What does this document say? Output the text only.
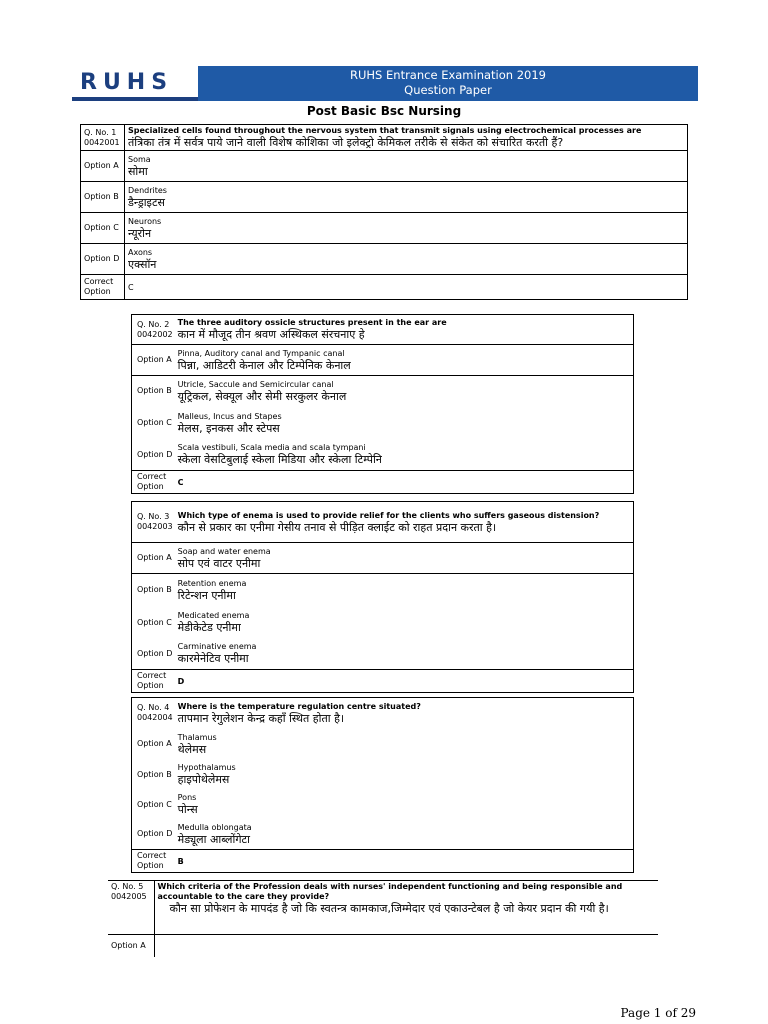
RUHS	RUHS Entrance Examination 2019
Question Paper
Post Basic Bsc Nursing
Q. No. 1
0042001	Specialized cells found throughout the nervous system that transmit signals using electrochemical processes are
तंत्रिका तंत्र में सर्वत्र पाये जाने वाली विशेष कोशिका जो इलेक्ट्रो केमिकल तरीके से संकेत को संचारित करती हैं?

Option A	Soma
सोमा

Option B	Dendrites
डैन्ड्राइटस

Option C	Neurons
न्यूरोन

Option D	Axons
एक्सॉन

Correct Option	C
Q. No. 2
0042002	The three auditory ossicle structures present in the ear are
कान में मौजूद तीन श्रवण अस्थिकल संरचनाए हे

Option A	Pinna, Auditory canal and Tympanic canal
पिन्ना, आडिटरी केनाल और टिम्पेनिक केनाल

Option B	Utricle, Saccule and Semicircular canal
यूट्रिकल, सेक्यूल और सेमी सरकुलर केनाल

Option C	Malleus, Incus and Stapes
मेलस, इनकस और स्टेपस

Option D	Scala vestibuli, Scala media and scala tympani
स्केला वेसटिबुलाई स्केला मिडिया और स्केला टिम्पेनि

Correct Option	C
Q. No. 3
0042003	Which type of enema is used to provide relief for the clients who suffers gaseous distension?
कौन से प्रकार का एनीमा गेसीय तनाव से पीड़ित क्लाईट को राहत प्रदान करता है।

Option A	Soap and water enema
सोप एवं वाटर एनीमा

Option B	Retention enema
रिटेन्शन एनीमा

Option C	Medicated enema
मेडीकेटेड एनीमा

Option D	Carminative enema
कारमेनेटिव एनीमा

Correct Option	D
Q. No. 4
0042004	Where is the temperature regulation centre situated?
तापमान रेगुलेशन केन्द्र कहाँ स्थित होता है।

Option A	Thalamus
थेलेमस

Option B	Hypothalamus
हाइपोथेलेमस

Option C	Pons
पोन्स

Option D	Medulla oblongata
मेड्यूला आब्लोंगेटा

Correct Option	B
Q. No. 5
0042005	Which criteria of the Profession deals with nurses' independent functioning and being responsible and accountable to the care they provide?
कौन सा प्रोफेशन के मापदंड है जो कि स्वतन्त्र कामकाज,जिम्मेदार एवं एकाउन्टेबल है जो केयर प्रदान की गयी है।

Option A	
Page 1 of 29
